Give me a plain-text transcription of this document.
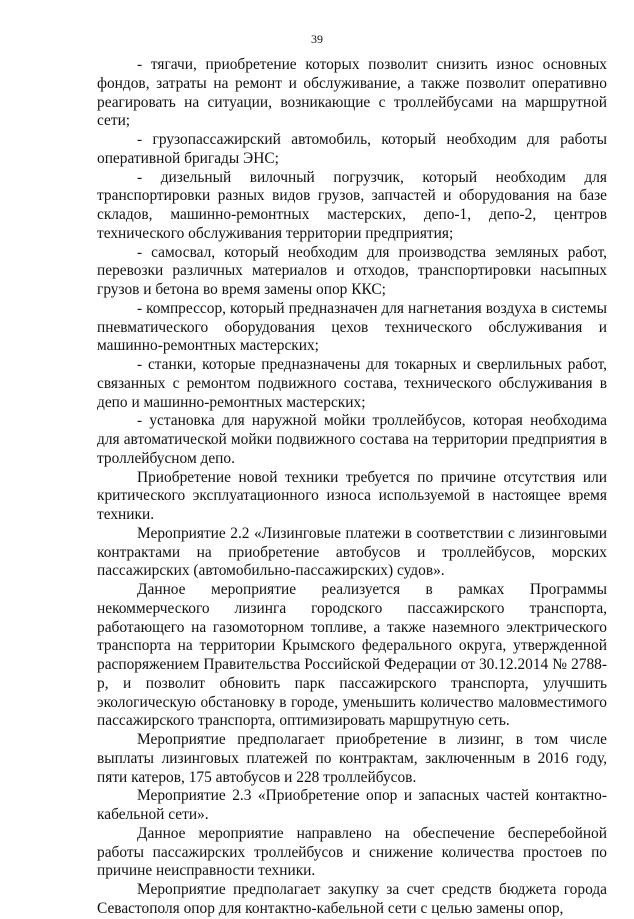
39

- тягачи, приобретение которых позволит снизить износ основных фондов, затраты на ремонт и обслуживание, а также позволит оперативно реагировать на ситуации, возникающие с троллейбусами на маршрутной сети;

- грузопассажирский автомобиль, который необходим для работы оперативной бригады ЭНС;

- дизельный вилочный погрузчик, который необходим для транспортировки разных видов грузов, запчастей и оборудования на базе складов, машинно-ремонтных мастерских, депо-1, депо-2, центров технического обслуживания территории предприятия;

- самосвал, который необходим для производства земляных работ, перевозки различных материалов и отходов, транспортировки насыпных грузов и бетона во время замены опор ККС;

- компрессор, который предназначен для нагнетания воздуха в системы пневматического оборудования цехов технического обслуживания и машинно-ремонтных мастерских;

- станки, которые предназначены для токарных и сверлильных работ, связанных с ремонтом подвижного состава, технического обслуживания в депо и машинно-ремонтных мастерских;

- установка для наружной мойки троллейбусов, которая необходима для автоматической мойки подвижного состава на территории предприятия в троллейбусном депо.

Приобретение новой техники требуется по причине отсутствия или критического эксплуатационного износа используемой в настоящее время техники.

Мероприятие 2.2 «Лизинговые платежи в соответствии с лизинговыми контрактами на приобретение автобусов и троллейбусов, морских пассажирских (автомобильно-пассажирских) судов».

Данное мероприятие реализуется в рамках Программы некоммерческого лизинга городского пассажирского транспорта, работающего на газомоторном топливе, а также наземного электрического транспорта на территории Крымского федерального округа, утвержденной распоряжением Правительства Российской Федерации от 30.12.2014 № 2788-р, и позволит обновить парк пассажирского транспорта, улучшить экологическую обстановку в городе, уменьшить количество маловместимого пассажирского транспорта, оптимизировать маршрутную сеть.

Мероприятие предполагает приобретение в лизинг, в том числе выплаты лизинговых платежей по контрактам, заключенным в 2016 году, пяти катеров, 175 автобусов и 228 троллейбусов.

Мероприятие 2.3 «Приобретение опор и запасных частей контактно-кабельной сети».

Данное мероприятие направлено на обеспечение бесперебойной работы пассажирских троллейбусов и снижение количества простоев по причине неисправности техники.

Мероприятие предполагает закупку за счет средств бюджета города Севастополя опор для контактно-кабельной сети с целью замены опор,
